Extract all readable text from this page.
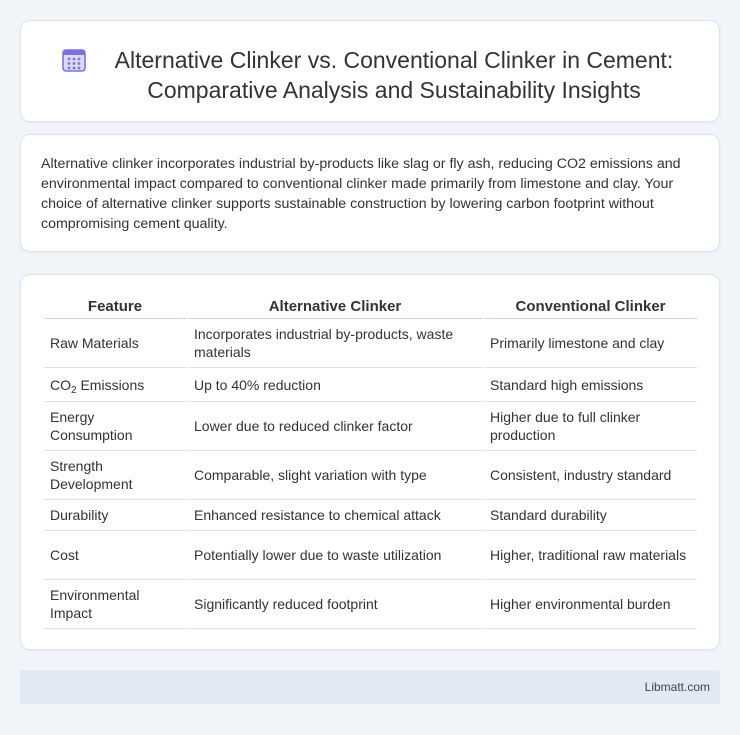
Alternative Clinker vs. Conventional Clinker in Cement: Comparative Analysis and Sustainability Insights

Alternative clinker incorporates industrial by-products like slag or fly ash, reducing CO2 emissions and environmental impact compared to conventional clinker made primarily from limestone and clay. Your choice of alternative clinker supports sustainable construction by lowering carbon footprint without compromising cement quality.

Feature	Alternative Clinker	Conventional Clinker
Raw Materials	Incorporates industrial by-products, waste materials	Primarily limestone and clay
$CO_2$ Emissions	Up to 40% reduction	Standard high emissions
Energy Consumption	Lower due to reduced clinker factor	Higher due to full clinker production
Strength Development	Comparable, slight variation with type	Consistent, industry standard
Durability	Enhanced resistance to chemical attack	Standard durability
Cost	Potentially lower due to waste utilization	Higher, traditional raw materials
Environmental Impact	Significantly reduced footprint	Higher environmental burden
Libmatt.com
